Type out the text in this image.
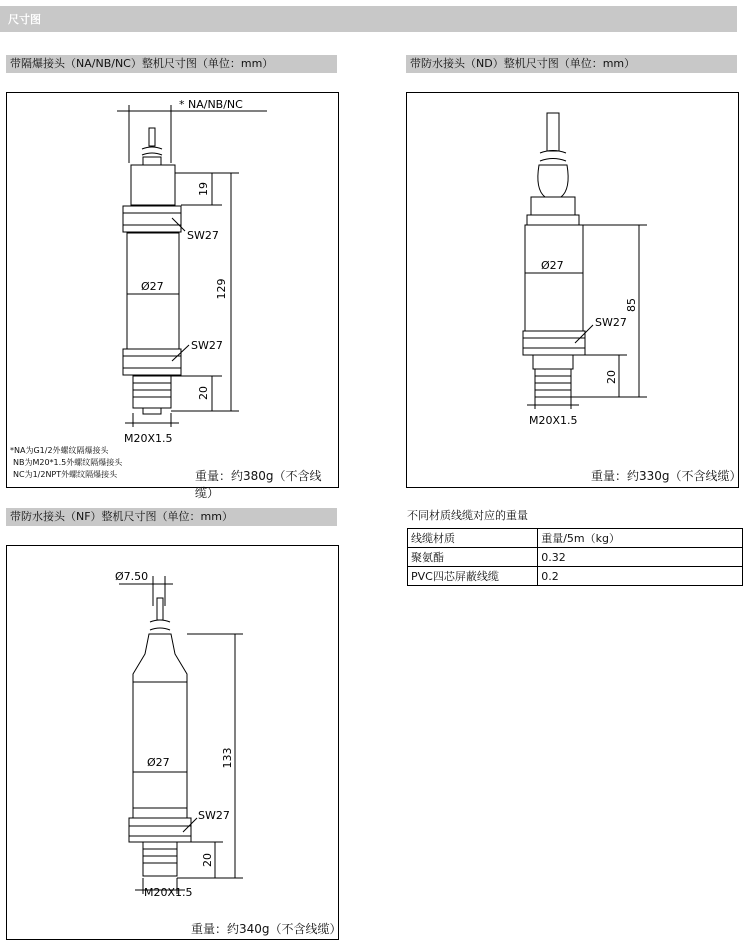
尺寸图
带隔爆接头（NA/NB/NC）整机尺寸图（单位：mm）	带防水接头（ND）整机尺寸图（单位：mm）
带防水接头（NF）整机尺寸图（单位：mm）
* NA/NB/NC
SW27
SW27
Ø27
M20X1.5
19
129
20
*NA为G1/2外螺纹隔爆接头
NB为M20*1.5外螺纹隔爆接头
NC为1/2NPT外螺纹隔爆接头	重量：约380g（不含线缆）
Ø27
SW27
85
20
M20X1.5
重量：约330g（不含线缆）
Ø7.50
Ø27
SW27
133
20
M20X1.5
重量：约340g（不含线缆）
不同材质线缆对应的重量
线缆材质	重量/5m（kg）
聚氨酯	0.32
PVC四芯屏蔽线缆	0.2
